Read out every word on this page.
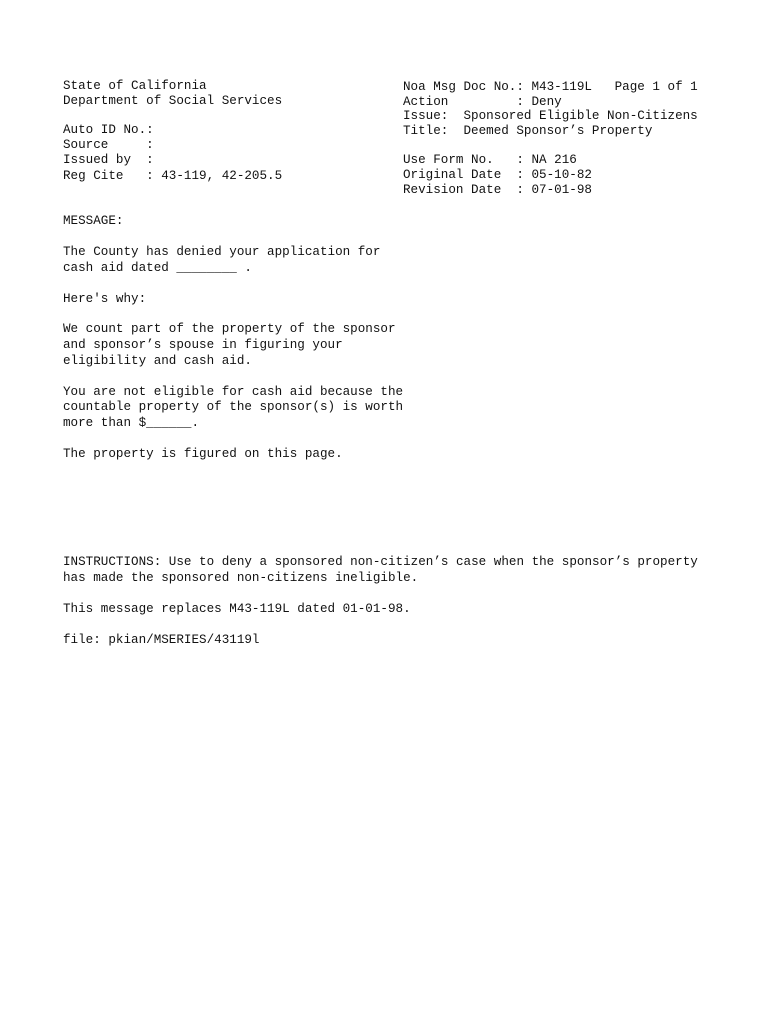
State of California
Department of Social Services
Auto ID No.:
Source     :
Issued by  :
Reg Cite   : 43-119, 42-205.5
Noa Msg Doc No.: M43-119L   Page 1 of 1
Action         : Deny
Issue:  Sponsored Eligible Non-Citizens
Title:  Deemed Sponsor’s Property
Use Form No.   : NA 216
Original Date  : 05-10-82
Revision Date  : 07-01-98
MESSAGE:
The County has denied your application for
cash aid dated ________ .
Here's why:
We count part of the property of the sponsor
and sponsor’s spouse in figuring your
eligibility and cash aid.
You are not eligible for cash aid because the
countable property of the sponsor(s) is worth
more than $______.
The property is figured on this page.
INSTRUCTIONS: Use to deny a sponsored non-citizen’s case when the sponsor’s property
has made the sponsored non-citizens ineligible.
This message replaces M43-119L dated 01-01-98.
file: pkian/MSERIES/43119l
